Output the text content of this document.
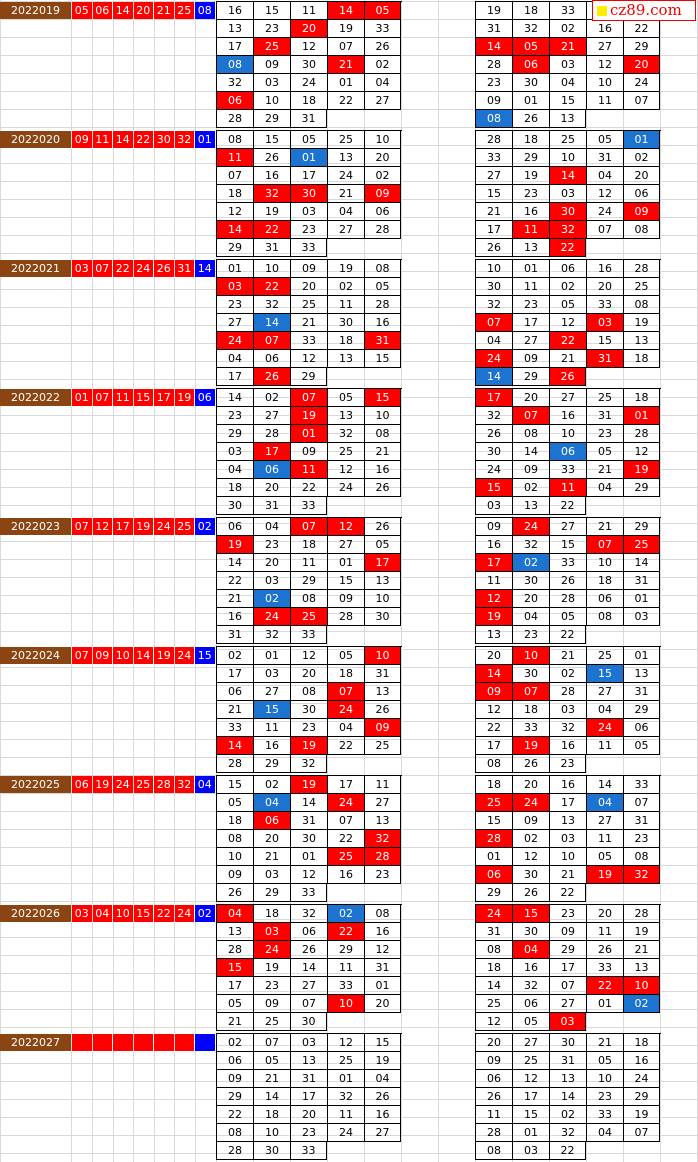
2022019	05 06 14 20 21 25 08	16	15	11	14	05
13	23	20	19	33
17	25	12	07	26
08	09	30	21	02
32	03	24	01	04
06	10	18	22	27
28	29	31
19	18	33
31	32	02	16	22
14	05	21	27	29
28	06	03	12	20
23	30	04	10	24
09	01	15	11	07
08	26	13
2022020	09 11 14 22 30 32 01	08	15	05	25	10
11	26	01	13	20
07	16	17	24	02
18	32	30	21	09
12	19	03	04	06
14	22	23	27	28
29	31	33
28	18	25	05	01
33	29	10	31	02
27	19	14	04	20
15	23	03	12	06
21	16	30	24	09
17	11	32	07	08
26	13	22
2022021	03 07 22 24 26 31 14	01	10	09	19	08
03	22	20	02	05
23	32	25	11	28
27	14	21	30	16
24	07	33	18	31
04	06	12	13	15
17	26	29
10	01	06	16	28
30	11	02	20	25
32	23	05	33	08
07	17	12	03	19
04	27	22	15	13
24	09	21	31	18
14	29	26
2022022	01 07 11 15 17 19 06	14	02	07	05	15
23	27	19	13	10
29	28	01	32	08
03	17	09	25	21
04	06	11	12	16
18	20	22	24	26
30	31	33
17	20	27	25	18
32	07	16	31	01
26	08	10	23	28
30	14	06	05	12
24	09	33	21	19
15	02	11	04	29
03	13	22
2022023	07 12 17 19 24 25 02	06	04	07	12	26
19	23	18	27	05
14	20	11	01	17
22	03	29	15	13
21	02	08	09	10
16	24	25	28	30
31	32	33
09	24	27	21	29
16	32	15	07	25
17	02	33	10	14
11	30	26	18	31
12	20	28	06	01
19	04	05	08	03
13	23	22
2022024	07 09 10 14 19 24 15	02	01	12	05	10
17	03	20	18	31
06	27	08	07	13
21	15	30	24	26
33	11	23	04	09
14	16	19	22	25
28	29	32
20	10	21	25	01
14	30	02	15	13
09	07	28	27	31
12	18	03	04	29
22	33	32	24	06
17	19	16	11	05
08	26	23
2022025	06 19 24 25 28 32 04	15	02	19	17	11
05	04	14	24	27
18	06	31	07	13
08	20	30	22	32
10	21	01	25	28
09	03	12	16	23
26	29	33
18	20	16	14	33
25	24	17	04	07
15	09	13	27	31
28	02	03	11	23
01	12	10	05	08
06	30	21	19	32
29	26	22
2022026	03 04 10 15 22 24 02	04	18	32	02	08
13	03	06	22	16
28	24	26	29	12
15	19	14	11	31
17	23	27	33	01
05	09	07	10	20
21	25	30
24	15	23	20	28
31	30	09	11	19
08	04	29	26	21
18	16	17	33	13
14	32	07	22	10
25	06	27	01	02
12	05	03
2022027	02	07	03	12	15
06	05	13	25	19
09	21	31	01	04
29	14	17	32	26
22	18	20	11	16
08	10	23	24	27
28	30	33
20	27	30	21	18
09	25	31	05	16
06	12	13	10	24
26	17	14	23	29
11	15	02	33	19
28	01	32	04	07
08	03	22
cz89.com
